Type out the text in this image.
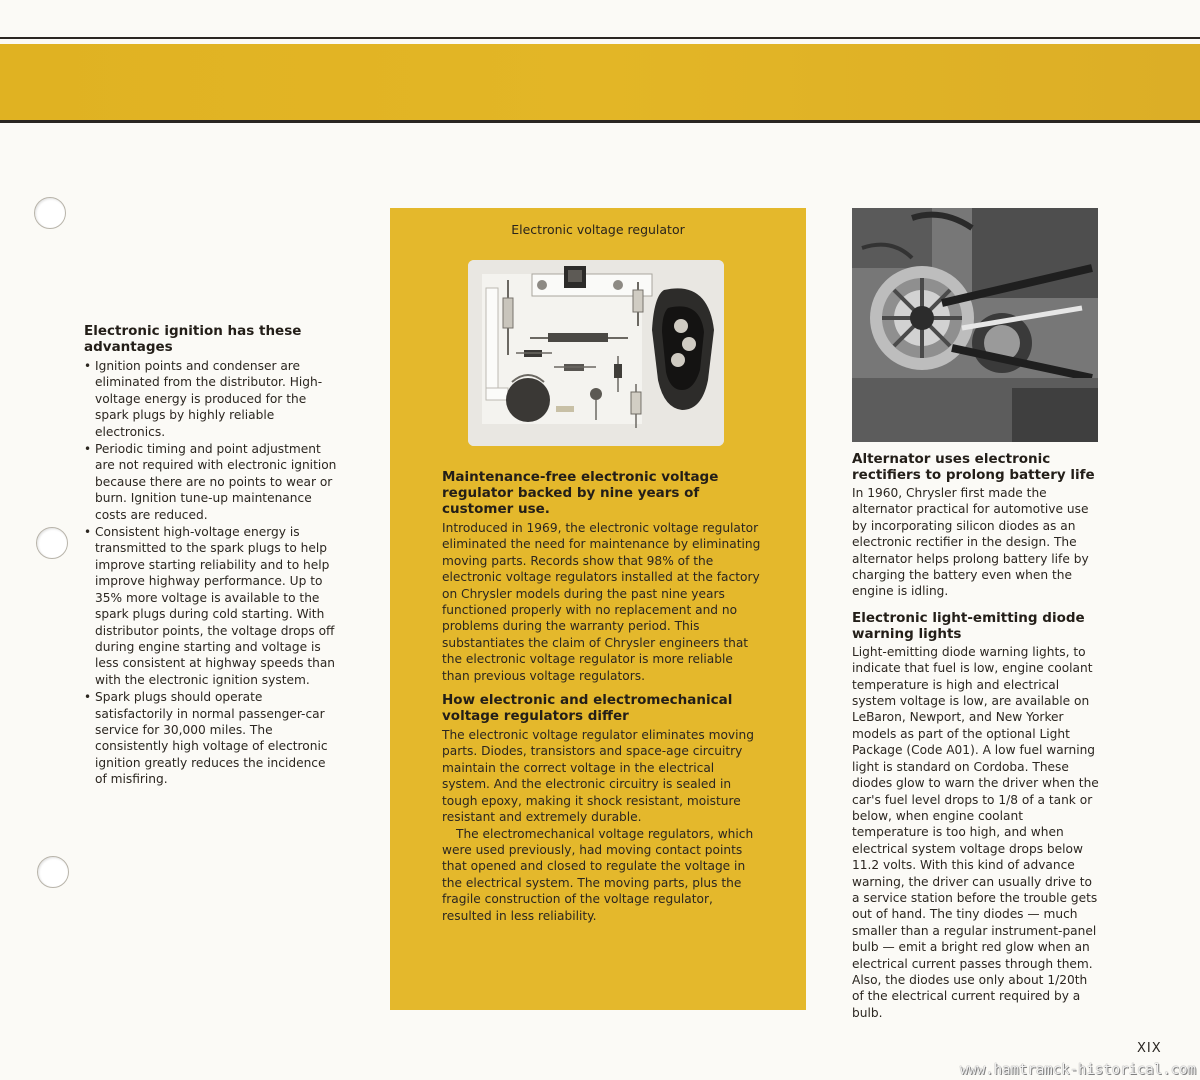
Electronic ignition has these advantages
• Ignition points and condenser are eliminated from the distributor. High-voltage energy is produced for the spark plugs by highly reliable electronics.
• Periodic timing and point adjustment are not required with electronic ignition because there are no points to wear or burn. Ignition tune-up maintenance costs are reduced.
• Consistent high-voltage energy is transmitted to the spark plugs to help improve starting reliability and to help improve highway performance. Up to 35% more voltage is available to the spark plugs during cold starting. With distributor points, the voltage drops off during engine starting and voltage is less consistent at highway speeds than with the electronic ignition system.
• Spark plugs should operate satisfactorily in normal passenger-car service for 30,000 miles. The consistently high voltage of electronic ignition greatly reduces the incidence of misfiring.
Electronic voltage regulator
Maintenance-free electronic voltage regulator backed by nine years of customer use.

Introduced in 1969, the electronic voltage regulator eliminated the need for maintenance by eliminating moving parts. Records show that 98% of the electronic voltage regulators installed at the factory on Chrysler models during the past nine years functioned properly with no replacement and no problems during the warranty period. This substantiates the claim of Chrysler engineers that the electronic voltage regulator is more reliable than previous voltage regulators.

How electronic and electromechanical voltage regulators differ

The electronic voltage regulator eliminates moving parts. Diodes, transistors and space-age circuitry maintain the correct voltage in the electrical system. And the electronic circuitry is sealed in tough epoxy, making it shock resistant, moisture resistant and extremely durable.

The electromechanical voltage regulators, which were used previously, had moving contact points that opened and closed to regulate the voltage in the electrical system. The moving parts, plus the fragile construction of the voltage regulator, resulted in less reliability.

Alternator uses electronic rectifiers to prolong battery life

In 1960, Chrysler first made the alternator practical for automotive use by incorporating silicon diodes as an electronic rectifier in the design. The alternator helps prolong battery life by charging the battery even when the engine is idling.

Electronic light-emitting diode warning lights

Light-emitting diode warning lights, to indicate that fuel is low, engine coolant temperature is high and electrical system voltage is low, are available on LeBaron, Newport, and New Yorker models as part of the optional Light Package (Code A01). A low fuel warning light is standard on Cordoba. These diodes glow to warn the driver when the car's fuel level drops to 1/8 of a tank or below, when engine coolant temperature is too high, and when electrical system voltage drops below 11.2 volts. With this kind of advance warning, the driver can usually drive to a service station before the trouble gets out of hand. The tiny diodes — much smaller than a regular instrument-panel bulb — emit a bright red glow when an electrical current passes through them. Also, the diodes use only about 1/20th of the electrical current required by a bulb.

XIX
www.hamtramck-historical.com
